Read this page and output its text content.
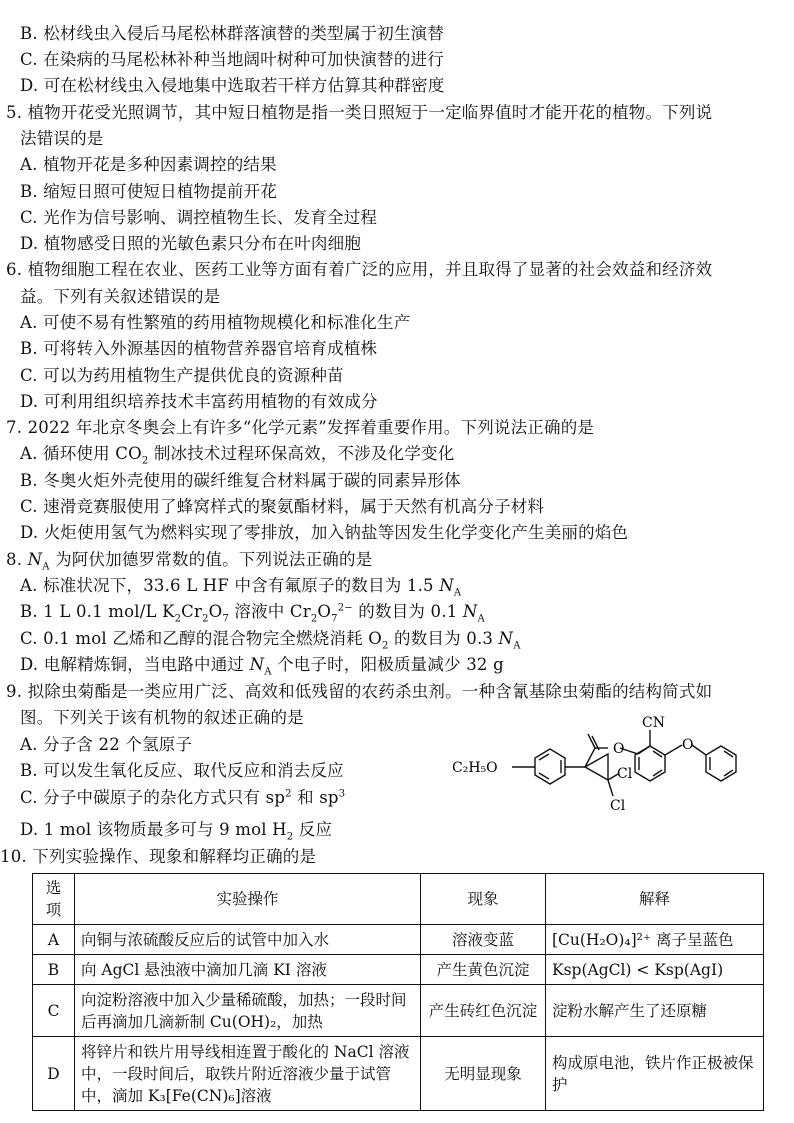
B. 松材线虫入侵后马尾松林群落演替的类型属于初生演替
C. 在染病的马尾松林补种当地阔叶树种可加快演替的进行
D. 可在松材线虫入侵地集中选取若干样方估算其种群密度
5. 植物开花受光照调节，其中短日植物是指一类日照短于一定临界值时才能开花的植物。下列说
法错误的是
A. 植物开花是多种因素调控的结果
B. 缩短日照可使短日植物提前开花
C. 光作为信号影响、调控植物生长、发育全过程
D. 植物感受日照的光敏色素只分布在叶肉细胞
6. 植物细胞工程在农业、医药工业等方面有着广泛的应用，并且取得了显著的社会效益和经济效
益。下列有关叙述错误的是
A. 可使不易有性繁殖的药用植物规模化和标准化生产
B. 可将转入外源基因的植物营养器官培育成植株
C. 可以为药用植物生产提供优良的资源种苗
D. 可利用组织培养技术丰富药用植物的有效成分
7. 2022 年北京冬奥会上有许多“化学元素”发挥着重要作用。下列说法正确的是
A. 循环使用 $CO_2$ 制冰技术过程环保高效，不涉及化学变化
B. 冬奥火炬外壳使用的碳纤维复合材料属于碳的同素异形体
C. 速滑竞赛服使用了蜂窝样式的聚氨酯材料，属于天然有机高分子材料
D. 火炬使用氢气为燃料实现了零排放，加入钠盐等因发生化学变化产生美丽的焰色
8. $N_A$ 为阿伏加德罗常数的值。下列说法正确的是
A. 标准状况下，33.6 L HF 中含有氟原子的数目为 1.5 $N_A$
B. 1 L 0.1 mol/L $K_2Cr_2O_7$ 溶液中 $Cr_2O_7^{2-}$ 的数目为 0.1 $N_A$
C. 0.1 mol 乙烯和乙醇的混合物完全燃烧消耗 $O_2$ 的数目为 0.3 $N_A$
D. 电解精炼铜，当电路中通过 $N_A$ 个电子时，阳极质量减少 32 g
9. 拟除虫菊酯是一类应用广泛、高效和低残留的农药杀虫剂。一种含氰基除虫菊酯的结构简式如
图。下列关于该有机物的叙述正确的是
A. 分子含 22 个氢原子
B. 可以发生氧化反应、取代反应和消去反应
C. 分子中碳原子的杂化方式只有 $sp^2$ 和 $sp^3$
D. 1 mol 该物质最多可与 9 mol $H_2$ 反应
C₂H₅O
O
CN
O
Cl
Cl
10. 下列实验操作、现象和解释均正确的是
选项	实验操作	现象	解释
A	向铜与浓硫酸反应后的试管中加入水	溶液变蓝	[Cu(H₂O)₄]²⁺ 离子呈蓝色
B	向 AgCl 悬浊液中滴加几滴 KI 溶液	产生黄色沉淀	Ksp(AgCl) < Ksp(AgI)
C	向淀粉溶液中加入少量稀硫酸，加热；一段时间后再滴加几滴新制 Cu(OH)₂，加热	产生砖红色沉淀	淀粉水解产生了还原糖
D	将锌片和铁片用导线相连置于酸化的 NaCl 溶液中，一段时间后，取铁片附近溶液少量于试管中，滴加 K₃[Fe(CN)₆]溶液	无明显现象	构成原电池，铁片作正极被保护
